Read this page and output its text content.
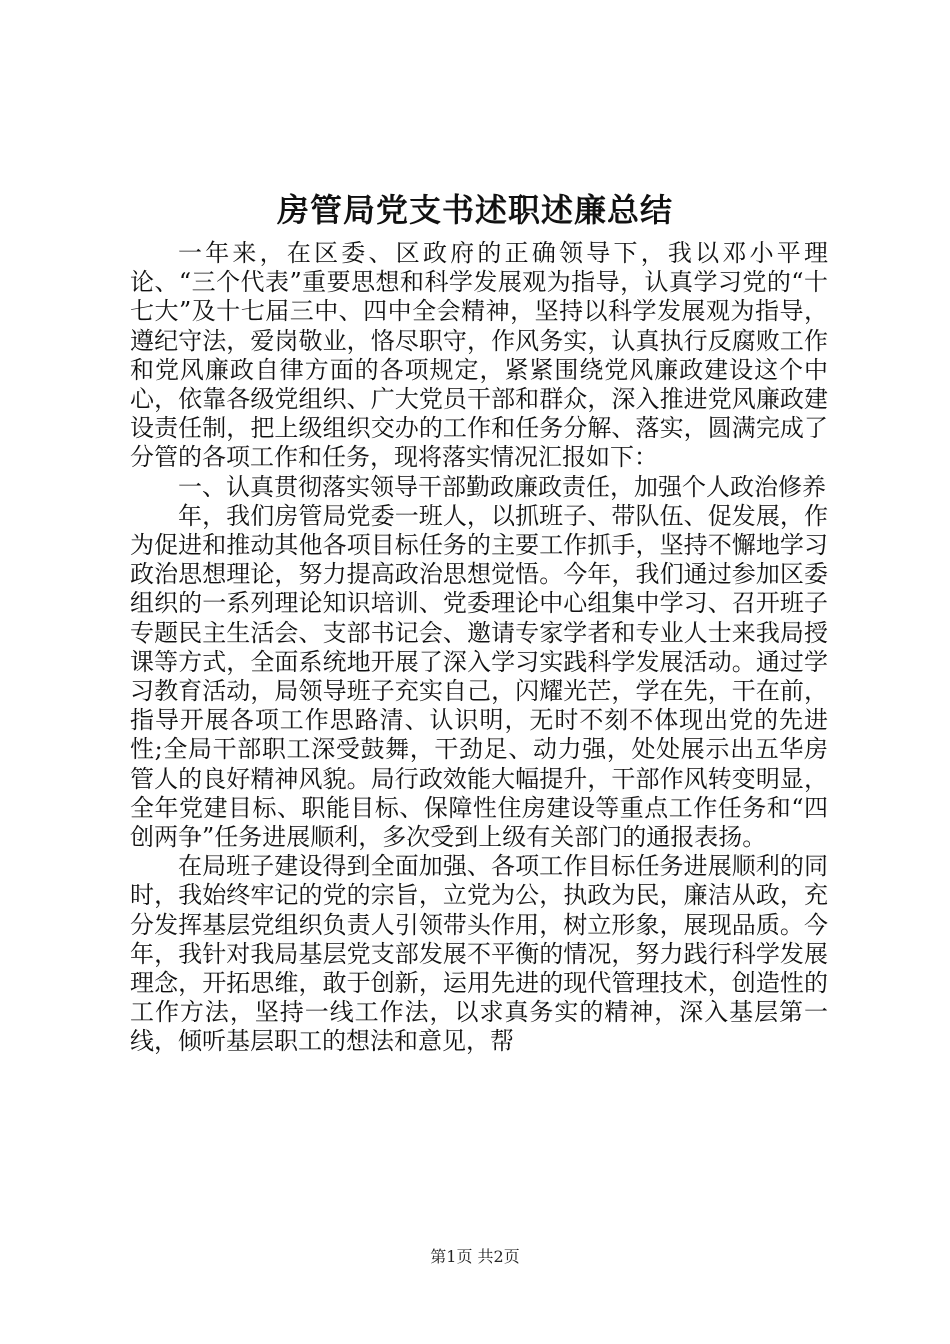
房管局党支书述职述廉总结

一年来，在区委、区政府的正确领导下，我以邓小平理论、“三个代表”重要思想和科学发展观为指导，认真学习党的“十七大”及十七届三中、四中全会精神，坚持以科学发展观为指导，遵纪守法，爱岗敬业，恪尽职守，作风务实，认真执行反腐败工作和党风廉政自律方面的各项规定，紧紧围绕党风廉政建设这个中心，依靠各级党组织、广大党员干部和群众，深入推进党风廉政建设责任制，把上级组织交办的工作和任务分解、落实，圆满完成了分管的各项工作和任务，现将落实情况汇报如下：

一、认真贯彻落实领导干部勤政廉政责任，加强个人政治修养

年，我们房管局党委一班人，以抓班子、带队伍、促发展，作为促进和推动其他各项目标任务的主要工作抓手，坚持不懈地学习政治思想理论，努力提高政治思想觉悟。今年，我们通过参加区委组织的一系列理论知识培训、党委理论中心组集中学习、召开班子专题民主生活会、支部书记会、邀请专家学者和专业人士来我局授课等方式，全面系统地开展了深入学习实践科学发展活动。通过学习教育活动，局领导班子充实自己，闪耀光芒，学在先，干在前，指导开展各项工作思路清、认识明，无时不刻不体现出党的先进性;全局干部职工深受鼓舞，干劲足、动力强，处处展示出五华房管人的良好精神风貌。局行政效能大幅提升，干部作风转变明显，全年党建目标、职能目标、保障性住房建设等重点工作任务和“四创两争”任务进展顺利，多次受到上级有关部门的通报表扬。

在局班子建设得到全面加强、各项工作目标任务进展顺利的同时，我始终牢记的党的宗旨，立党为公，执政为民，廉洁从政，充分发挥基层党组织负责人引领带头作用，树立形象，展现品质。今年，我针对我局基层党支部发展不平衡的情况，努力践行科学发展理念，开拓思维，敢于创新，运用先进的现代管理技术，创造性的工作方法，坚持一线工作法，以求真务实的精神，深入基层第一线，倾听基层职工的想法和意见，帮

第1页 共2页
